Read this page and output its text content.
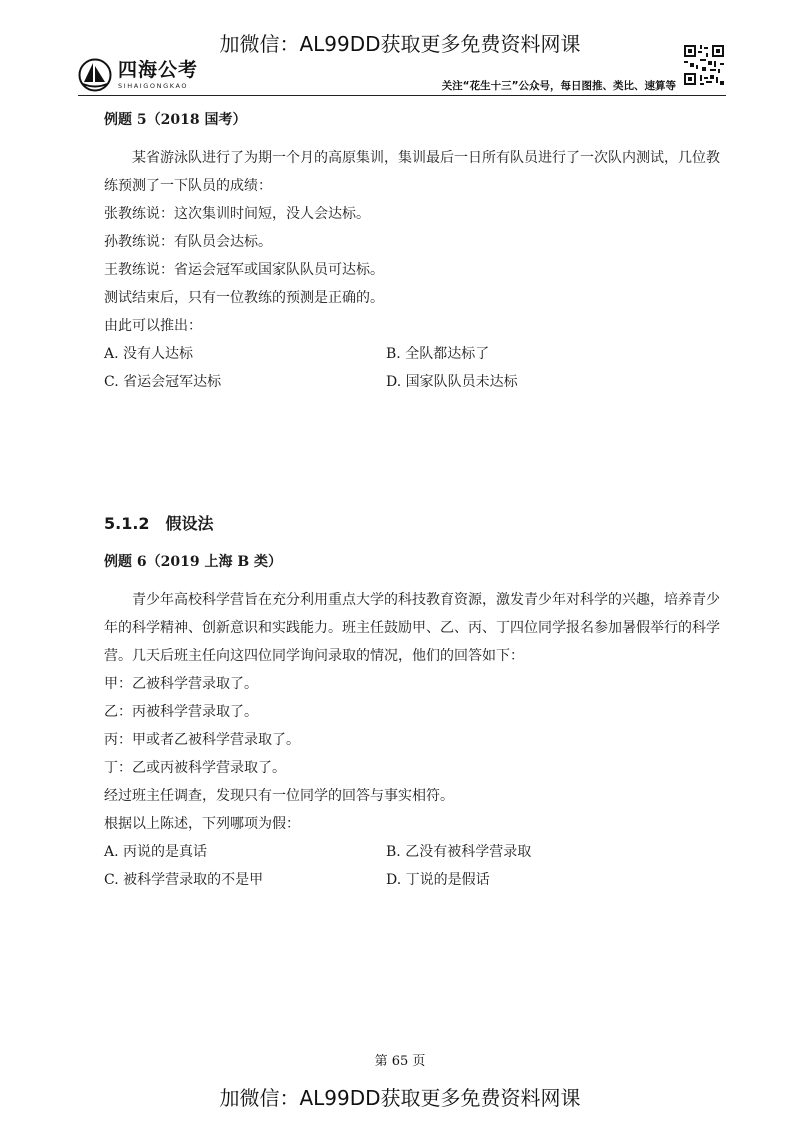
加微信：AL99DD获取更多免费资料网课
四海公考
SIHAIGONGKAO	关注“花生十三”公众号，每日图推、类比、速算等

例题 5（2018 国考）

某省游泳队进行了为期一个月的高原集训，集训最后一日所有队员进行了一次队内测试，几位教练预测了一下队员的成绩：

张教练说：这次集训时间短，没人会达标。

孙教练说：有队员会达标。

王教练说：省运会冠军或国家队队员可达标。

测试结束后，只有一位教练的预测是正确的。

由此可以推出：

A. 没有人达标	B. 全队都达标了
C. 省运会冠军达标	D. 国家队队员未达标

5.1.2　假设法

例题 6（2019 上海 B 类）

青少年高校科学营旨在充分利用重点大学的科技教育资源，激发青少年对科学的兴趣，培养青少年的科学精神、创新意识和实践能力。班主任鼓励甲、乙、丙、丁四位同学报名参加暑假举行的科学营。几天后班主任向这四位同学询问录取的情况，他们的回答如下：

甲：乙被科学营录取了。

乙：丙被科学营录取了。

丙：甲或者乙被科学营录取了。

丁：乙或丙被科学营录取了。

经过班主任调查，发现只有一位同学的回答与事实相符。

根据以上陈述，下列哪项为假：

A. 丙说的是真话	B. 乙没有被科学营录取
C. 被科学营录取的不是甲	D. 丁说的是假话
第 65 页
加微信：AL99DD获取更多免费资料网课
